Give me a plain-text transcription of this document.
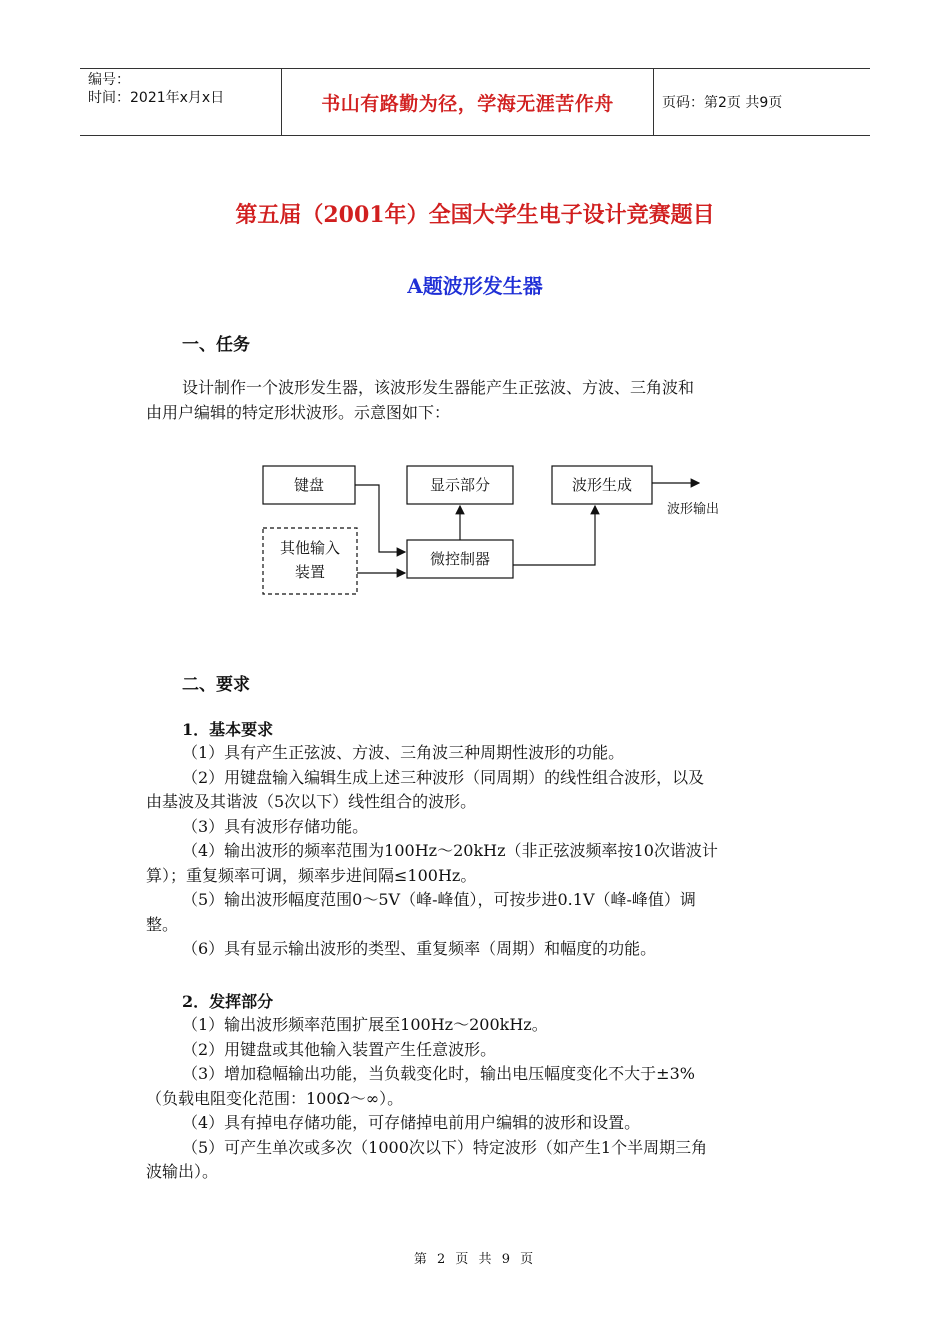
编号：
时间：2021年x月x日	书山有路勤为径，学海无涯苦作舟	页码：第2页 共9页
第五届（2001年）全国大学生电子设计竞赛题目
A题波形发生器
一、任务
设计制作一个波形发生器，该波形发生器能产生正弦波、方波、三角波和
由用户编辑的特定形状波形。示意图如下：
键盘	显示部分	波形生成
其他输入
装置
微控制器
波形输出
二、要求
1．基本要求
（1）具有产生正弦波、方波、三角波三种周期性波形的功能。
（2）用键盘输入编辑生成上述三种波形（同周期）的线性组合波形，以及
由基波及其谐波（5次以下）线性组合的波形。
（3）具有波形存储功能。
（4）输出波形的频率范围为100Hz～20kHz（非正弦波频率按10次谐波计
算）；重复频率可调，频率步进间隔≤100Hz。
（5）输出波形幅度范围0～5V（峰-峰值），可按步进0.1V（峰-峰值）调
整。
（6）具有显示输出波形的类型、重复频率（周期）和幅度的功能。
2．发挥部分
（1）输出波形频率范围扩展至100Hz～200kHz。
（2）用键盘或其他输入装置产生任意波形。
（3）增加稳幅输出功能，当负载变化时，输出电压幅度变化不大于±3%
（负载电阻变化范围：100Ω～∞）。
（4）具有掉电存储功能，可存储掉电前用户编辑的波形和设置。
（5）可产生单次或多次（1000次以下）特定波形（如产生1个半周期三角
波输出）。
第 2 页 共 9 页
